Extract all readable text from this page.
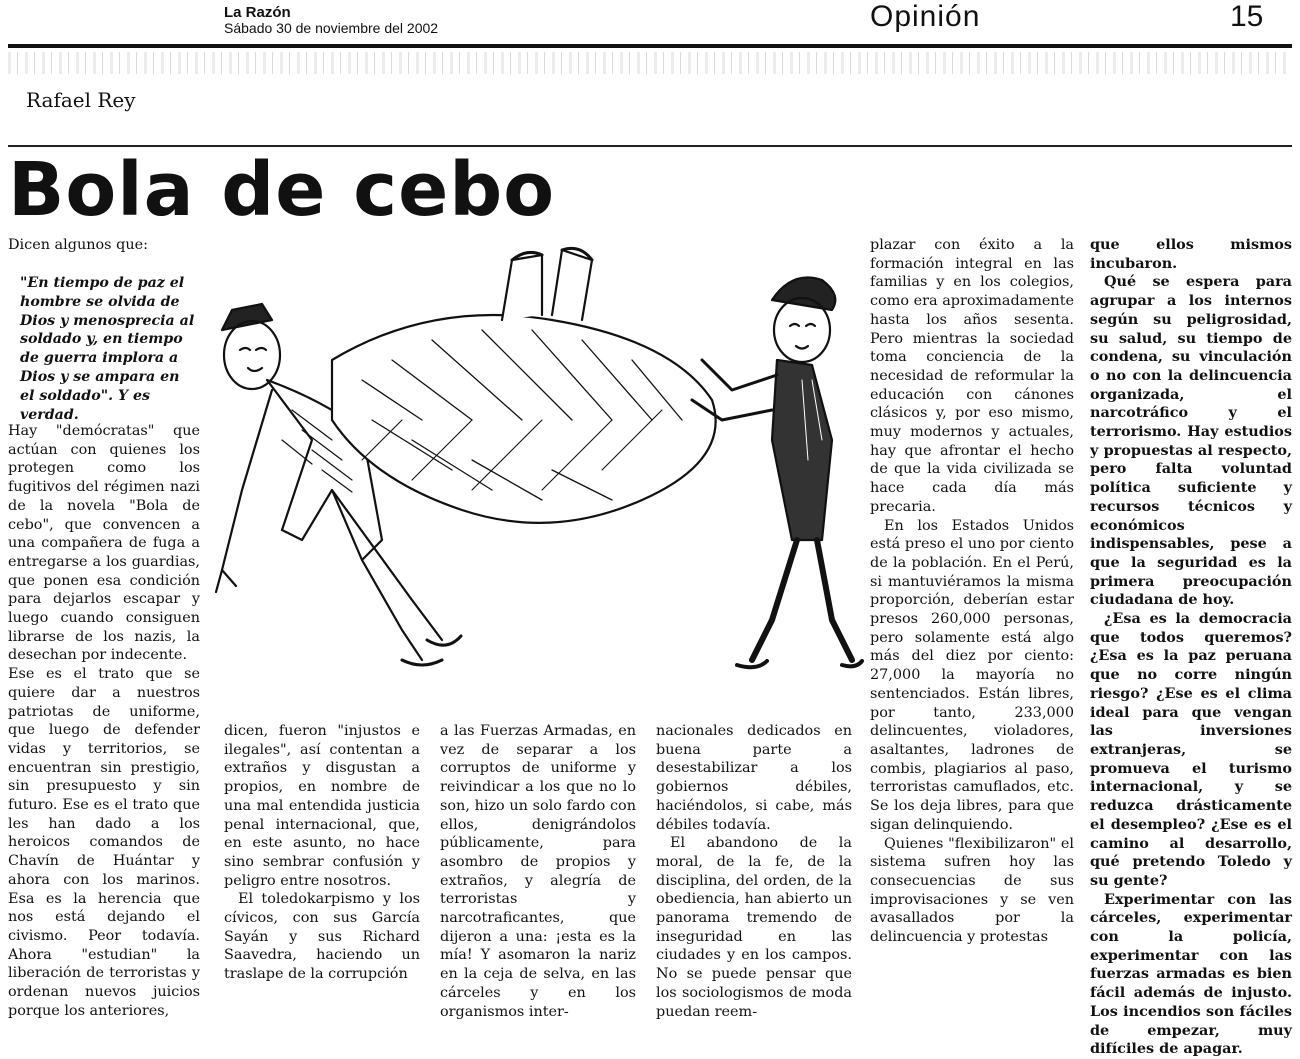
La Razón
Sábado 30 de noviembre del 2002	Opinión	15
Rafael Rey
Bola de cebo

Dicen algunos que:

"En tiempo de paz el hombre se olvida de Dios y menosprecia al soldado y, en tiempo de guerra implora a Dios y se ampara en el soldado". Y es verdad.

Hay "demócratas" que actúan con quienes los protegen como los fugitivos del régimen nazi de la novela "Bola de cebo", que convencen a una compañera de fuga a entregarse a los guardias, que ponen esa condición para dejarlos escapar y luego cuando consiguen librarse de los nazis, la desechan por indecente.

Ese es el trato que se quiere dar a nuestros patriotas de uniforme, que luego de defender vidas y territorios, se encuentran sin prestigio, sin presupuesto y sin futuro. Ese es el trato que les han dado a los heroicos comandos de Chavín de Huántar y ahora con los marinos. Esa es la herencia que nos está dejando el civismo. Peor todavía. Ahora "estudian" la liberación de terroristas y ordenan nuevos juicios porque los anteriores,

dicen, fueron "injustos e ilegales", así contentan a extraños y disgustan a propios, en nombre de una mal entendida justicia penal internacional, que, en este asunto, no hace sino sembrar confusión y peligro entre nosotros.

El toledokarpismo y los cívicos, con sus García Sayán y sus Richard Saavedra, haciendo un traslape de la corrupción

a las Fuerzas Armadas, en vez de separar a los corruptos de uniforme y reivindicar a los que no lo son, hizo un solo fardo con ellos, denigrándolos públicamente, para asombro de propios y extraños, y alegría de terroristas y narcotraficantes, que dijeron a una: ¡esta es la mía! Y asomaron la nariz en la ceja de selva, en las cárceles y en los organismos inter-

nacionales dedicados en buena parte a desestabilizar a los gobiernos débiles, haciéndolos, si cabe, más débiles todavía.

El abandono de la moral, de la fe, de la disciplina, del orden, de la obediencia, han abierto un panorama tremendo de inseguridad en las ciudades y en los campos. No se puede pensar que los sociologismos de moda puedan reem-

plazar con éxito a la formación integral en las familias y en los colegios, como era aproximadamente hasta los años sesenta. Pero mientras la sociedad toma conciencia de la necesidad de reformular la educación con cánones clásicos y, por eso mismo, muy modernos y actuales, hay que afrontar el hecho de que la vida civilizada se hace cada día más precaria.

En los Estados Unidos está preso el uno por ciento de la población. En el Perú, si mantuviéramos la misma proporción, deberían estar presos 260,000 personas, pero solamente está algo más del diez por ciento: 27,000 la mayoría no sentenciados. Están libres, por tanto, 233,000 delincuentes, violadores, asaltantes, ladrones de combis, plagiarios al paso, terroristas camuflados, etc. Se los deja libres, para que sigan delinquiendo.

Quienes "flexibilizaron" el sistema sufren hoy las consecuencias de sus improvisaciones y se ven avasallados por la delincuencia y protestas

que ellos mismos incubaron.

Qué se espera para agrupar a los internos según su peligrosidad, su salud, su tiempo de condena, su vinculación o no con la delincuencia organizada, el narcotráfico y el terrorismo. Hay estudios y propuestas al respecto, pero falta voluntad política suficiente y recursos técnicos y económicos indispensables, pese a que la seguridad es la primera preocupación ciudadana de hoy.

¿Esa es la democracia que todos queremos? ¿Esa es la paz peruana que no corre ningún riesgo? ¿Ese es el clima ideal para que vengan las inversiones extranjeras, se promueva el turismo internacional, y se reduzca drásticamente el desempleo? ¿Ese es el camino al desarrollo, qué pretendo Toledo y su gente?

Experimentar con las cárceles, experimentar con la policía, experimentar con las fuerzas armadas es bien fácil además de injusto. Los incendios son fáciles de empezar, muy difíciles de apagar.
